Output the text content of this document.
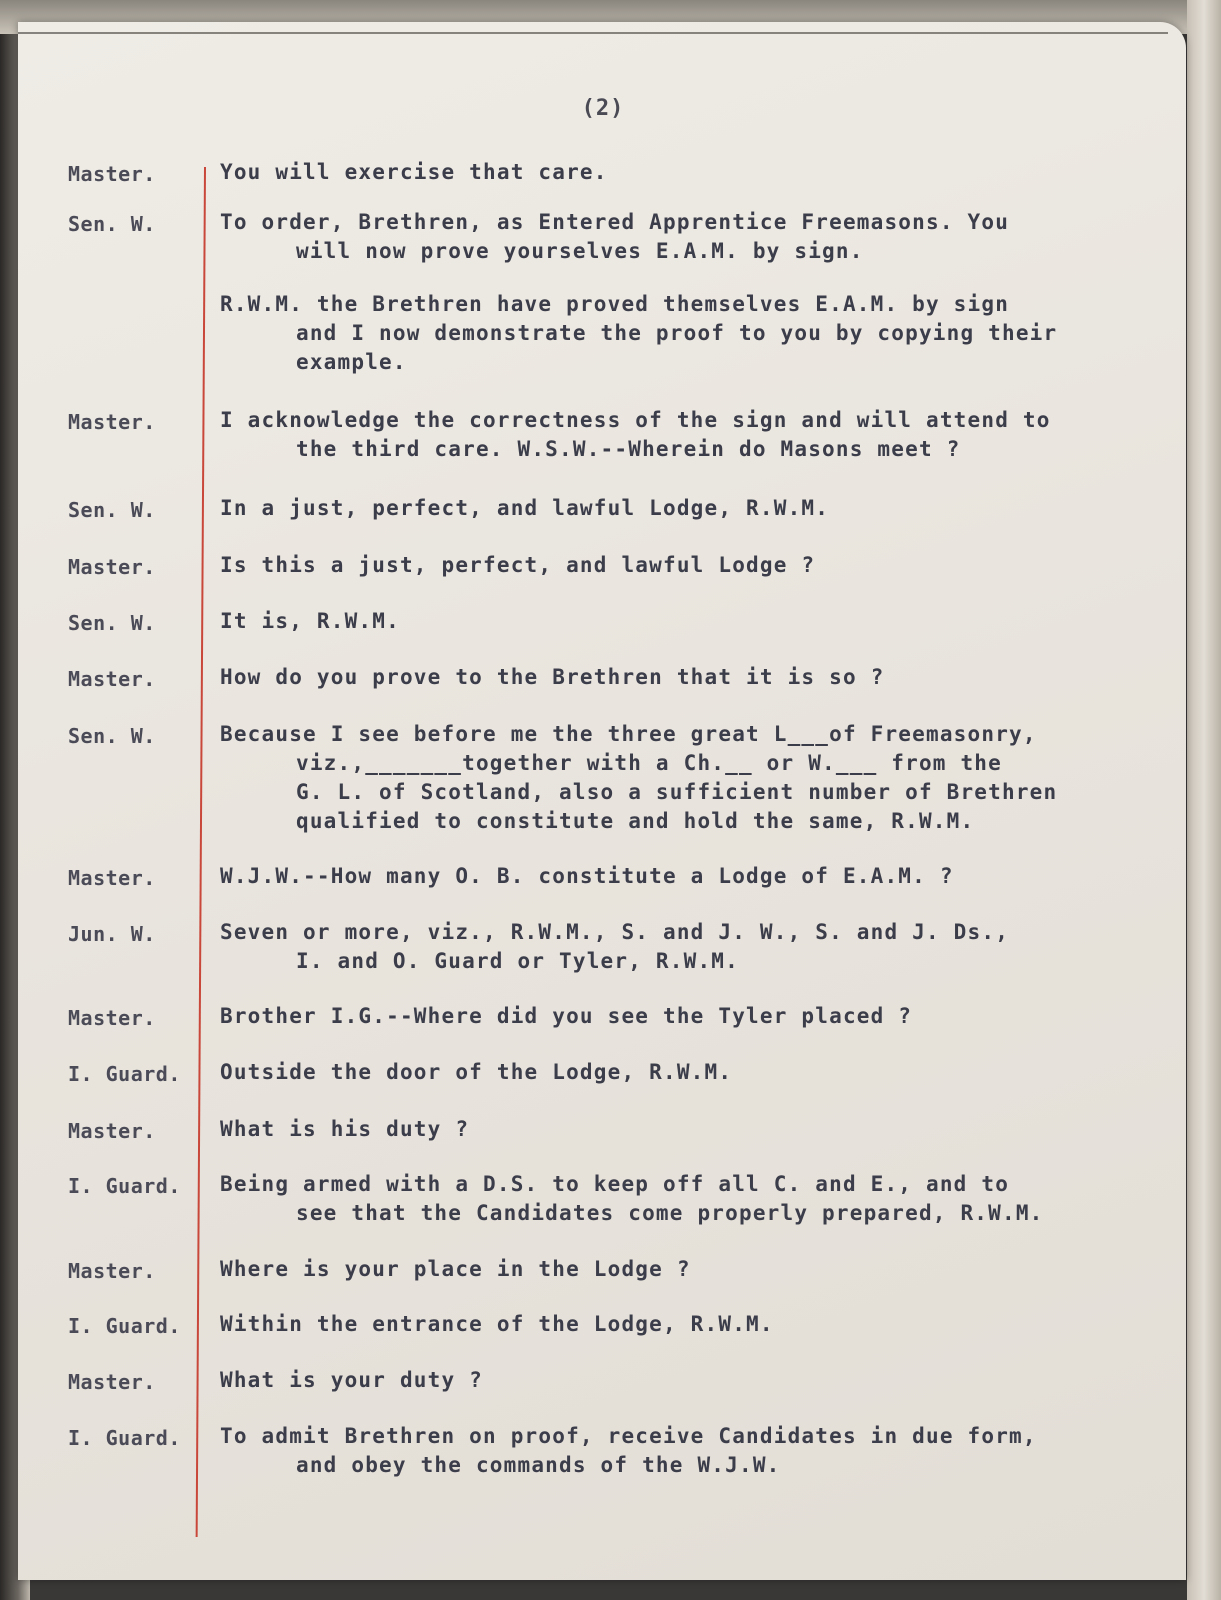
(2)
Master.	You will exercise that care.
Sen. W.	To order, Brethren, as Entered Apprentice Freemasons. You
will now prove yourselves E.A.M. by sign.
R.W.M. the Brethren have proved themselves E.A.M. by sign
and I now demonstrate the proof to you by copying their
example.
Master.	I acknowledge the correctness of the sign and will attend to
the third care. W.S.W.--Wherein do Masons meet ?
Sen. W.	In a just, perfect, and lawful Lodge, R.W.M.
Master.	Is this a just, perfect, and lawful Lodge ?
Sen. W.	It is, R.W.M.
Master.	How do you prove to the Brethren that it is so ?
Sen. W.	Because I see before me the three great L___of Freemasonry,
viz.,_______together with a Ch.__ or W.___ from the
G. L. of Scotland, also a sufficient number of Brethren
qualified to constitute and hold the same, R.W.M.
Master.	W.J.W.--How many O. B. constitute a Lodge of E.A.M. ?
Jun. W.	Seven or more, viz., R.W.M., S. and J. W., S. and J. Ds.,
I. and O. Guard or Tyler, R.W.M.
Master.	Brother I.G.--Where did you see the Tyler placed ?
I. Guard.	Outside the door of the Lodge, R.W.M.
Master.	What is his duty ?
I. Guard.	Being armed with a D.S. to keep off all C. and E., and to
see that the Candidates come properly prepared, R.W.M.
Master.	Where is your place in the Lodge ?
I. Guard.	Within the entrance of the Lodge, R.W.M.
Master.	What is your duty ?
I. Guard.	To admit Brethren on proof, receive Candidates in due form,
and obey the commands of the W.J.W.
